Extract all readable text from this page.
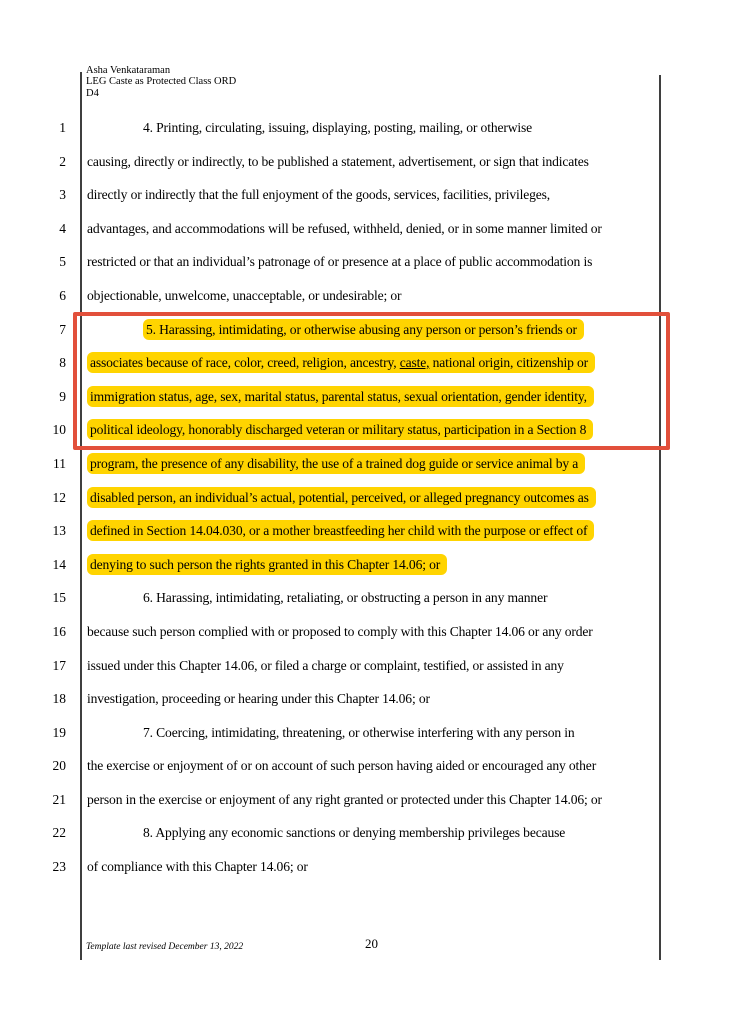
Asha Venkataraman
LEG Caste as Protected Class ORD
D4
1	4. Printing, circulating, issuing, displaying, posting, mailing, or otherwise
2 causing, directly or indirectly, to be published a statement, advertisement, or sign that indicates
3 directly or indirectly that the full enjoyment of the goods, services, facilities, privileges,
4 advantages, and accommodations will be refused, withheld, denied, or in some manner limited or
5 restricted or that an individual’s patronage of or presence at a place of public accommodation is
6 objectionable, unwelcome, unacceptable, or undesirable; or
7	5. Harassing, intimidating, or otherwise abusing any person or person’s friends or
8 associates because of race, color, creed, religion, ancestry, caste, national origin, citizenship or
9 immigration status, age, sex, marital status, parental status, sexual orientation, gender identity,
10 political ideology, honorably discharged veteran or military status, participation in a Section 8
11 program, the presence of any disability, the use of a trained dog guide or service animal by a
12 disabled person, an individual’s actual, potential, perceived, or alleged pregnancy outcomes as
13 defined in Section 14.04.030, or a mother breastfeeding her child with the purpose or effect of
14 denying to such person the rights granted in this Chapter 14.06; or
15	6. Harassing, intimidating, retaliating, or obstructing a person in any manner
16 because such person complied with or proposed to comply with this Chapter 14.06 or any order
17 issued under this Chapter 14.06, or filed a charge or complaint, testified, or assisted in any
18 investigation, proceeding or hearing under this Chapter 14.06; or
19	7. Coercing, intimidating, threatening, or otherwise interfering with any person in
20 the exercise or enjoyment of or on account of such person having aided or encouraged any other
21 person in the exercise or enjoyment of any right granted or protected under this Chapter 14.06; or
22	8. Applying any economic sanctions or denying membership privileges because
23 of compliance with this Chapter 14.06; or
Template last revised December 13, 2022	20
